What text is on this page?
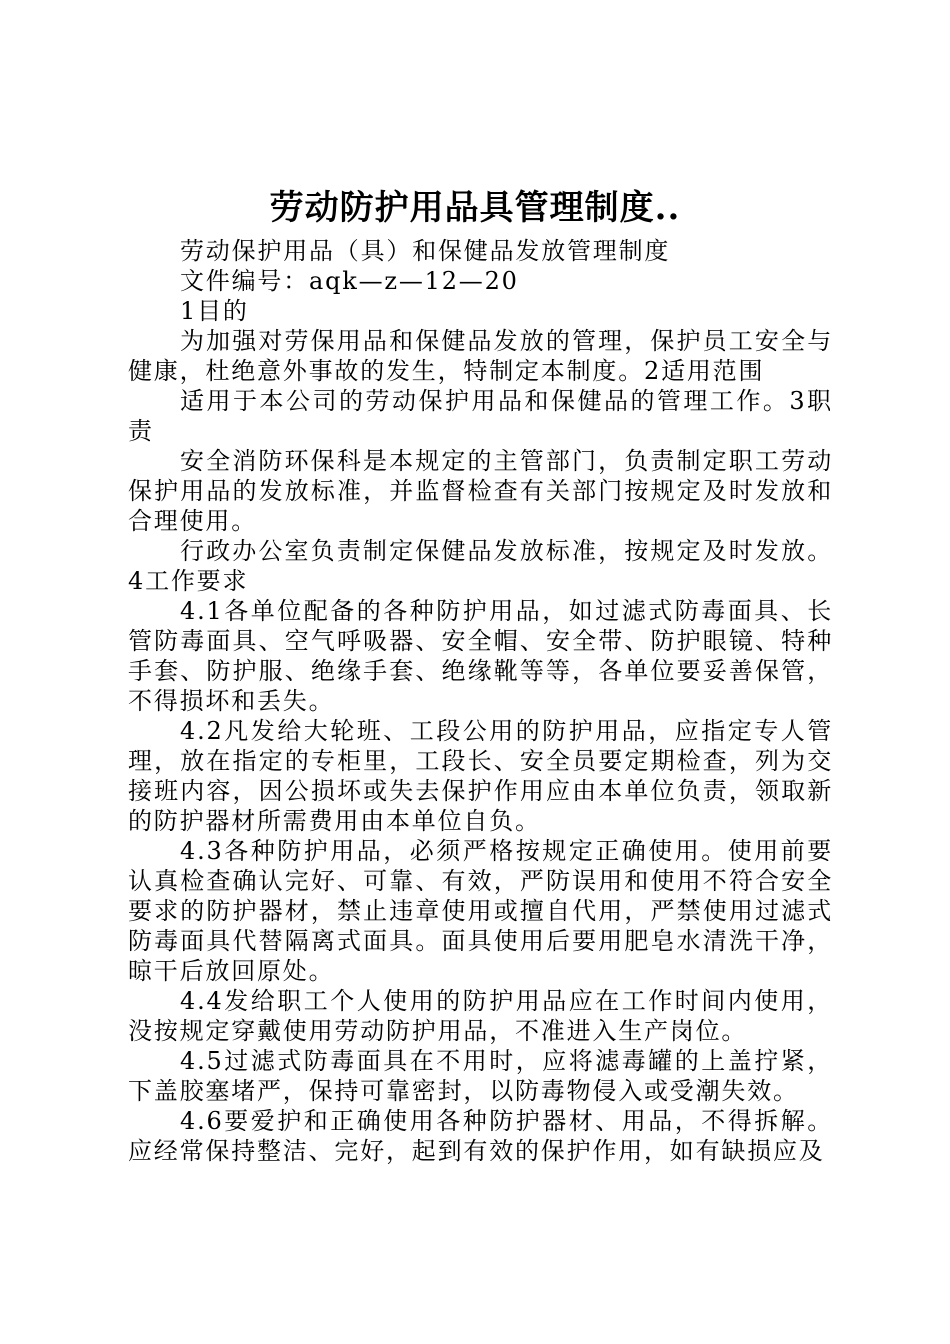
劳动防护用品具管理制度..

劳动保护用品（具）和保健品发放管理制度

文件编号：aqk—z—12—20

1目的

为加强对劳保用品和保健品发放的管理，保护员工安全与健康，杜绝意外事故的发生，特制定本制度。2适用范围

适用于本公司的劳动保护用品和保健品的管理工作。3职责

安全消防环保科是本规定的主管部门，负责制定职工劳动保护用品的发放标准，并监督检查有关部门按规定及时发放和合理使用。

行政办公室负责制定保健品发放标准，按规定及时发放。4工作要求

4.1各单位配备的各种防护用品，如过滤式防毒面具、长管防毒面具、空气呼吸器、安全帽、安全带、防护眼镜、特种手套、防护服、绝缘手套、绝缘靴等等，各单位要妥善保管，不得损坏和丢失。

4.2凡发给大轮班、工段公用的防护用品，应指定专人管理，放在指定的专柜里，工段长、安全员要定期检查，列为交接班内容，因公损坏或失去保护作用应由本单位负责，领取新的防护器材所需费用由本单位自负。

4.3各种防护用品，必须严格按规定正确使用。使用前要认真检查确认完好、可靠、有效，严防误用和使用不符合安全要求的防护器材，禁止违章使用或擅自代用，严禁使用过滤式防毒面具代替隔离式面具。面具使用后要用肥皂水清洗干净，晾干后放回原处。

4.4发给职工个人使用的防护用品应在工作时间内使用，没按规定穿戴使用劳动防护用品，不准进入生产岗位。

4.5过滤式防毒面具在不用时，应将滤毒罐的上盖拧紧，下盖胶塞堵严，保持可靠密封，以防毒物侵入或受潮失效。

4.6要爱护和正确使用各种防护器材、用品，不得拆解。应经常保持整洁、完好，起到有效的保护作用，如有缺损应及
